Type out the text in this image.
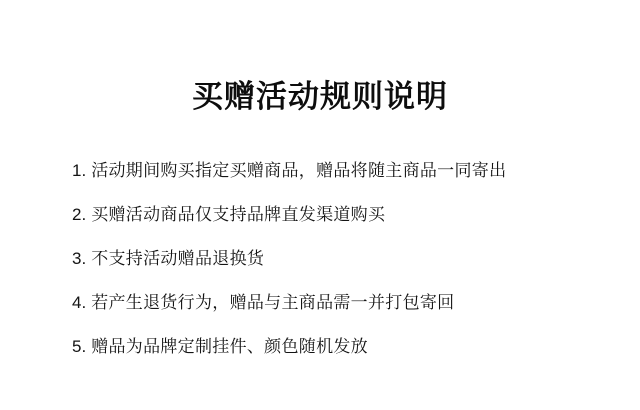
买赠活动规则说明
1. 活动期间购买指定买赠商品，赠品将随主商品一同寄出
2. 买赠活动商品仅支持品牌直发渠道购买
3. 不支持活动赠品退换货
4. 若产生退货行为，赠品与主商品需一并打包寄回
5. 赠品为品牌定制挂件、颜色随机发放
